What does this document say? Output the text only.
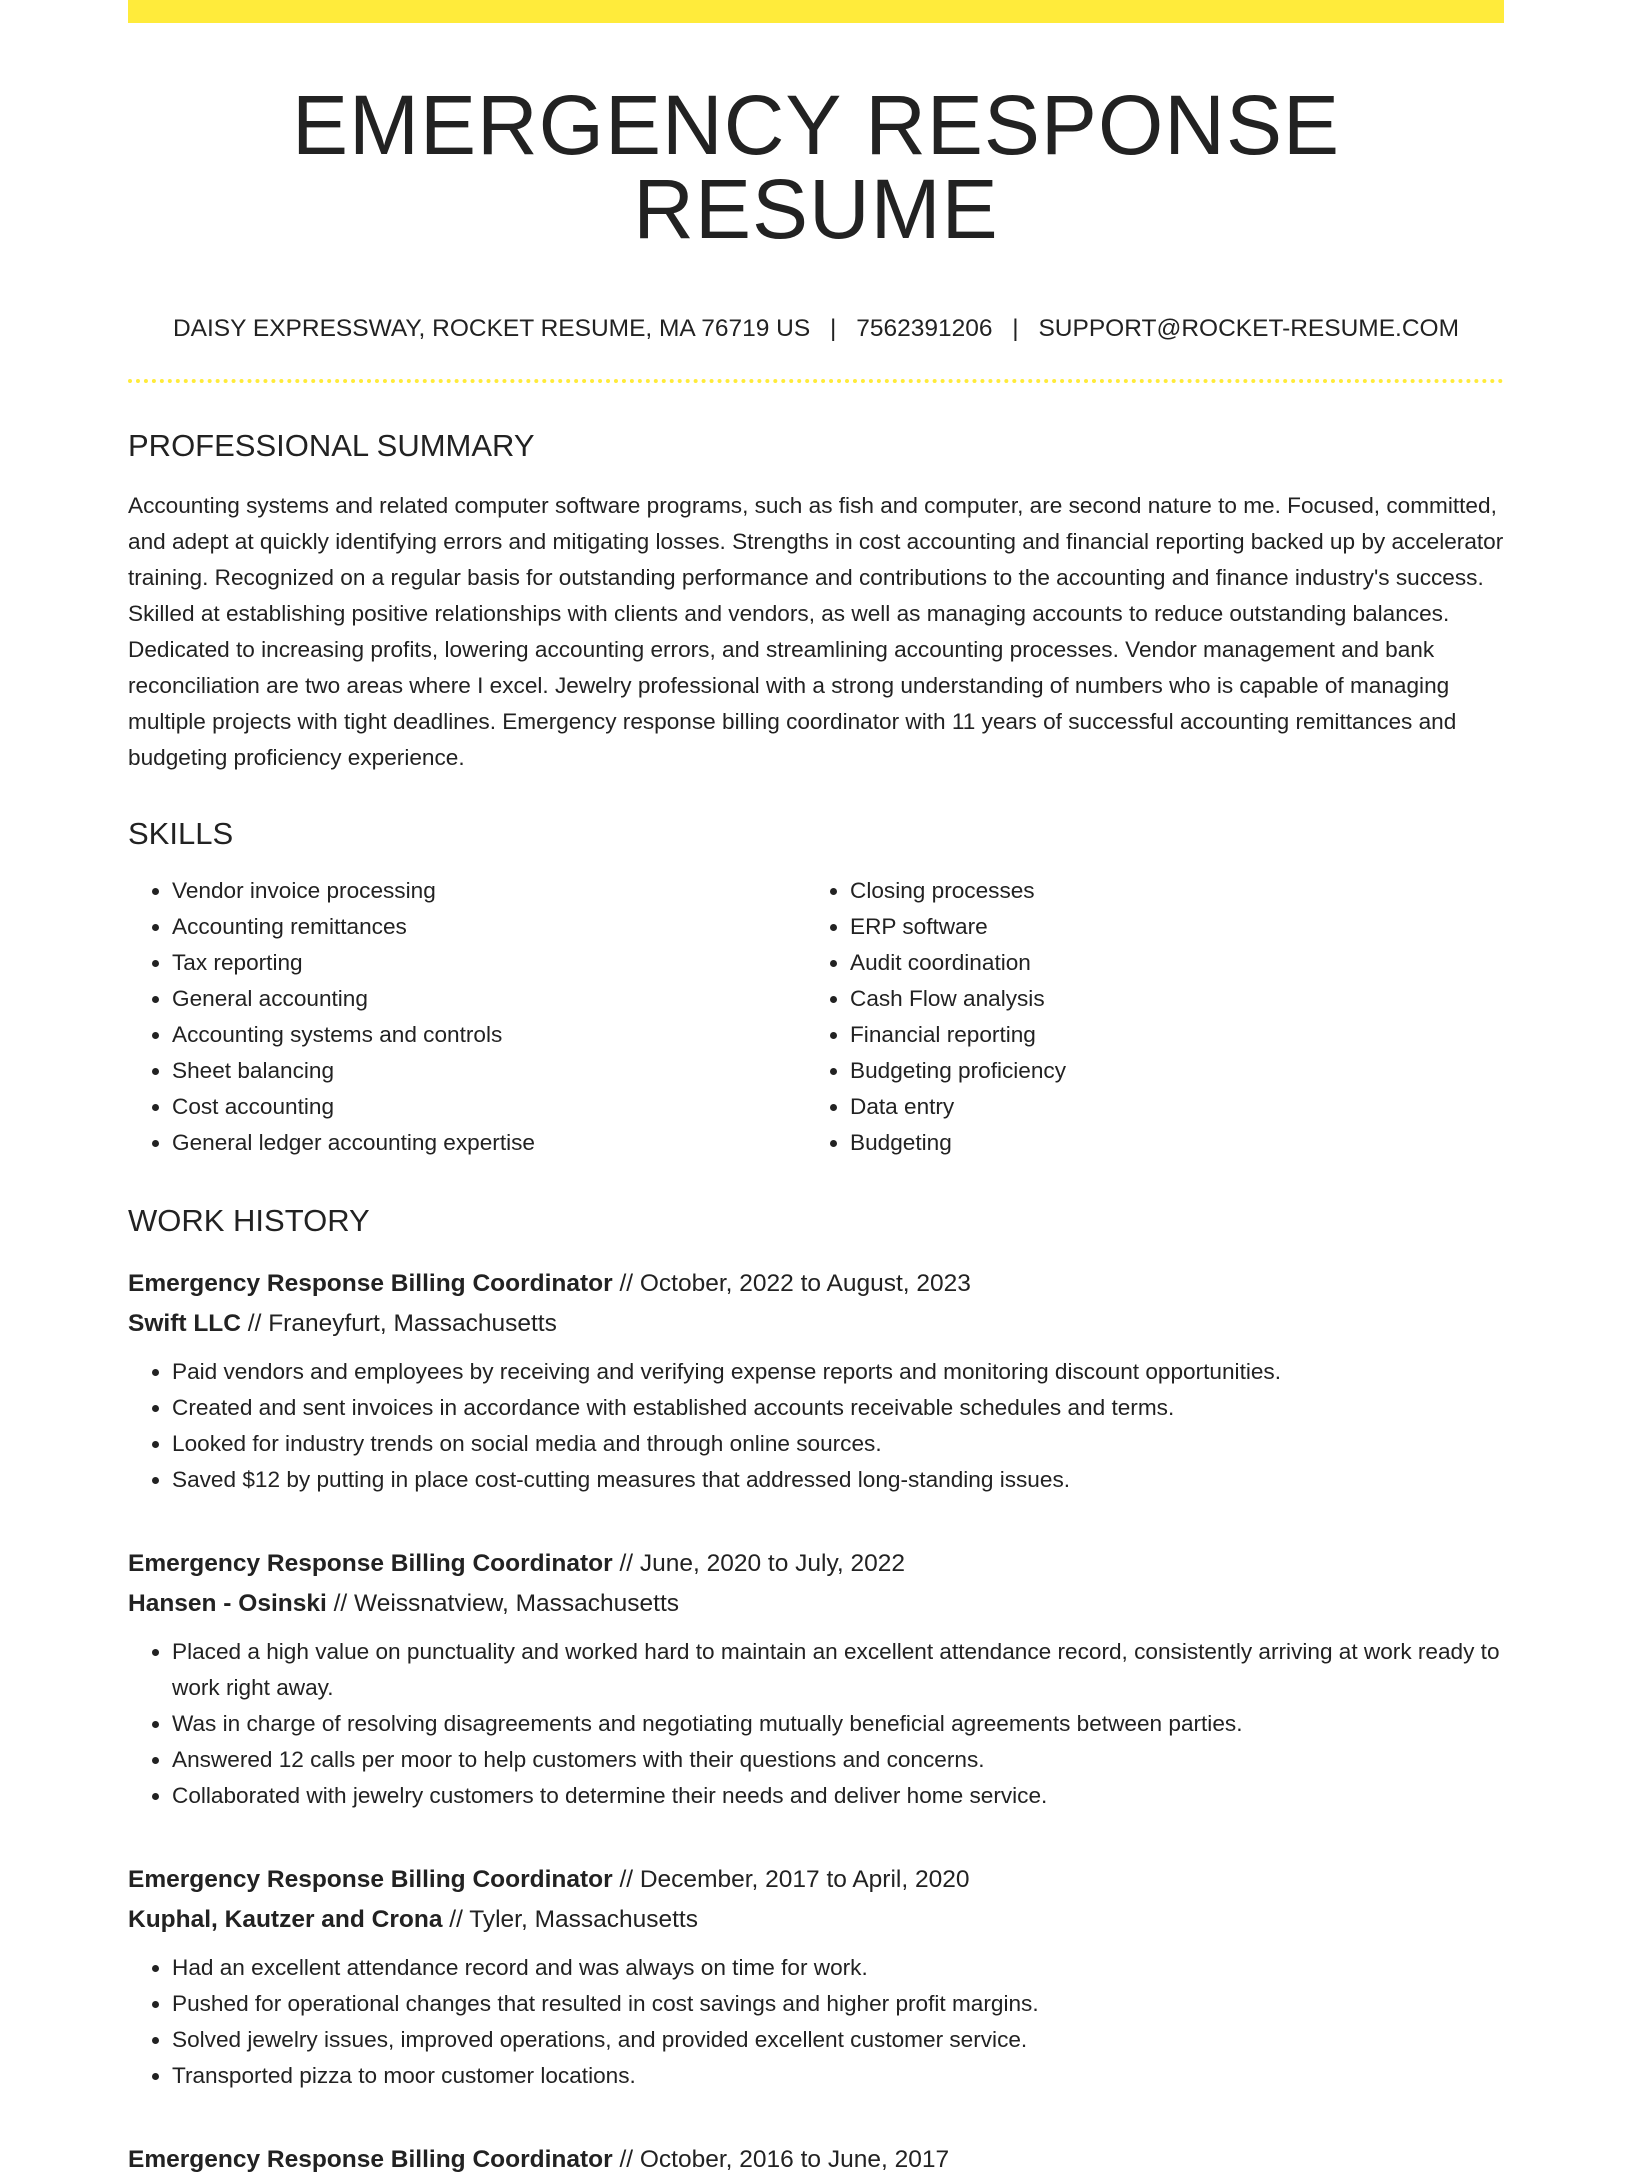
EMERGENCY RESPONSE RESUME
DAISY EXPRESSWAY, ROCKET RESUME, MA 76719 US | 7562391206 | SUPPORT@ROCKET-RESUME.COM
PROFESSIONAL SUMMARY

Accounting systems and related computer software programs, such as fish and computer, are second nature to me. Focused, committed, and adept at quickly identifying errors and mitigating losses. Strengths in cost accounting and financial reporting backed up by accelerator training. Recognized on a regular basis for outstanding performance and contributions to the accounting and finance industry's success. Skilled at establishing positive relationships with clients and vendors, as well as managing accounts to reduce outstanding balances. Dedicated to increasing profits, lowering accounting errors, and streamlining accounting processes. Vendor management and bank reconciliation are two areas where I excel. Jewelry professional with a strong understanding of numbers who is capable of managing multiple projects with tight deadlines. Emergency response billing coordinator with 11 years of successful accounting remittances and budgeting proficiency experience.

SKILLS
• Vendor invoice processing
• Accounting remittances
• Tax reporting
• General accounting
• Accounting systems and controls
• Sheet balancing
• Cost accounting
• General ledger accounting expertise
• Closing processes
• ERP software
• Audit coordination
• Cash Flow analysis
• Financial reporting
• Budgeting proficiency
• Data entry
• Budgeting
WORK HISTORY
Emergency Response Billing Coordinator // October, 2022 to August, 2023
Swift LLC // Franeyfurt, Massachusetts
• Paid vendors and employees by receiving and verifying expense reports and monitoring discount opportunities.
• Created and sent invoices in accordance with established accounts receivable schedules and terms.
• Looked for industry trends on social media and through online sources.
• Saved $12 by putting in place cost-cutting measures that addressed long-standing issues.
Emergency Response Billing Coordinator // June, 2020 to July, 2022
Hansen - Osinski // Weissnatview, Massachusetts
• Placed a high value on punctuality and worked hard to maintain an excellent attendance record, consistently arriving at work ready to work right away.
• Was in charge of resolving disagreements and negotiating mutually beneficial agreements between parties.
• Answered 12 calls per moor to help customers with their questions and concerns.
• Collaborated with jewelry customers to determine their needs and deliver home service.
Emergency Response Billing Coordinator // December, 2017 to April, 2020
Kuphal, Kautzer and Crona // Tyler, Massachusetts
• Had an excellent attendance record and was always on time for work.
• Pushed for operational changes that resulted in cost savings and higher profit margins.
• Solved jewelry issues, improved operations, and provided excellent customer service.
• Transported pizza to moor customer locations.
Emergency Response Billing Coordinator // October, 2016 to June, 2017
